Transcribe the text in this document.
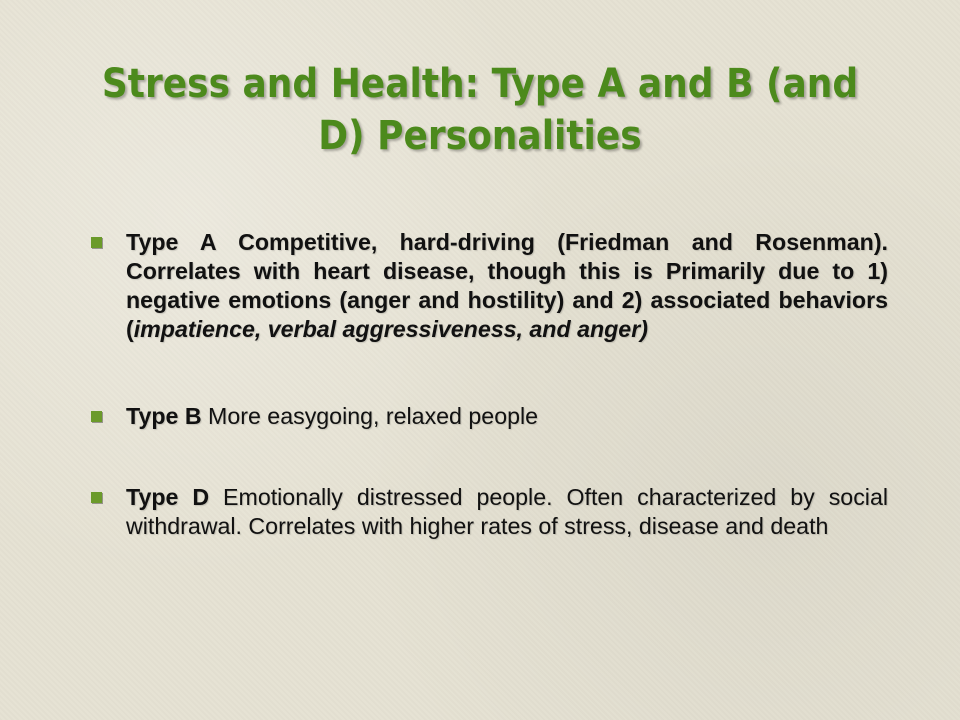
Stress and Health: Type A and B (and
D) Personalities
Type A Competitive, hard-driving (Friedman and Rosenman). Correlates with heart disease, though this is Primarily due to 1) negative emotions (anger and hostility) and 2) associated behaviors (impatience, verbal aggressiveness, and anger)
Type B More easygoing, relaxed people
Type D Emotionally distressed people. Often characterized by social withdrawal. Correlates with higher rates of stress, disease and death
